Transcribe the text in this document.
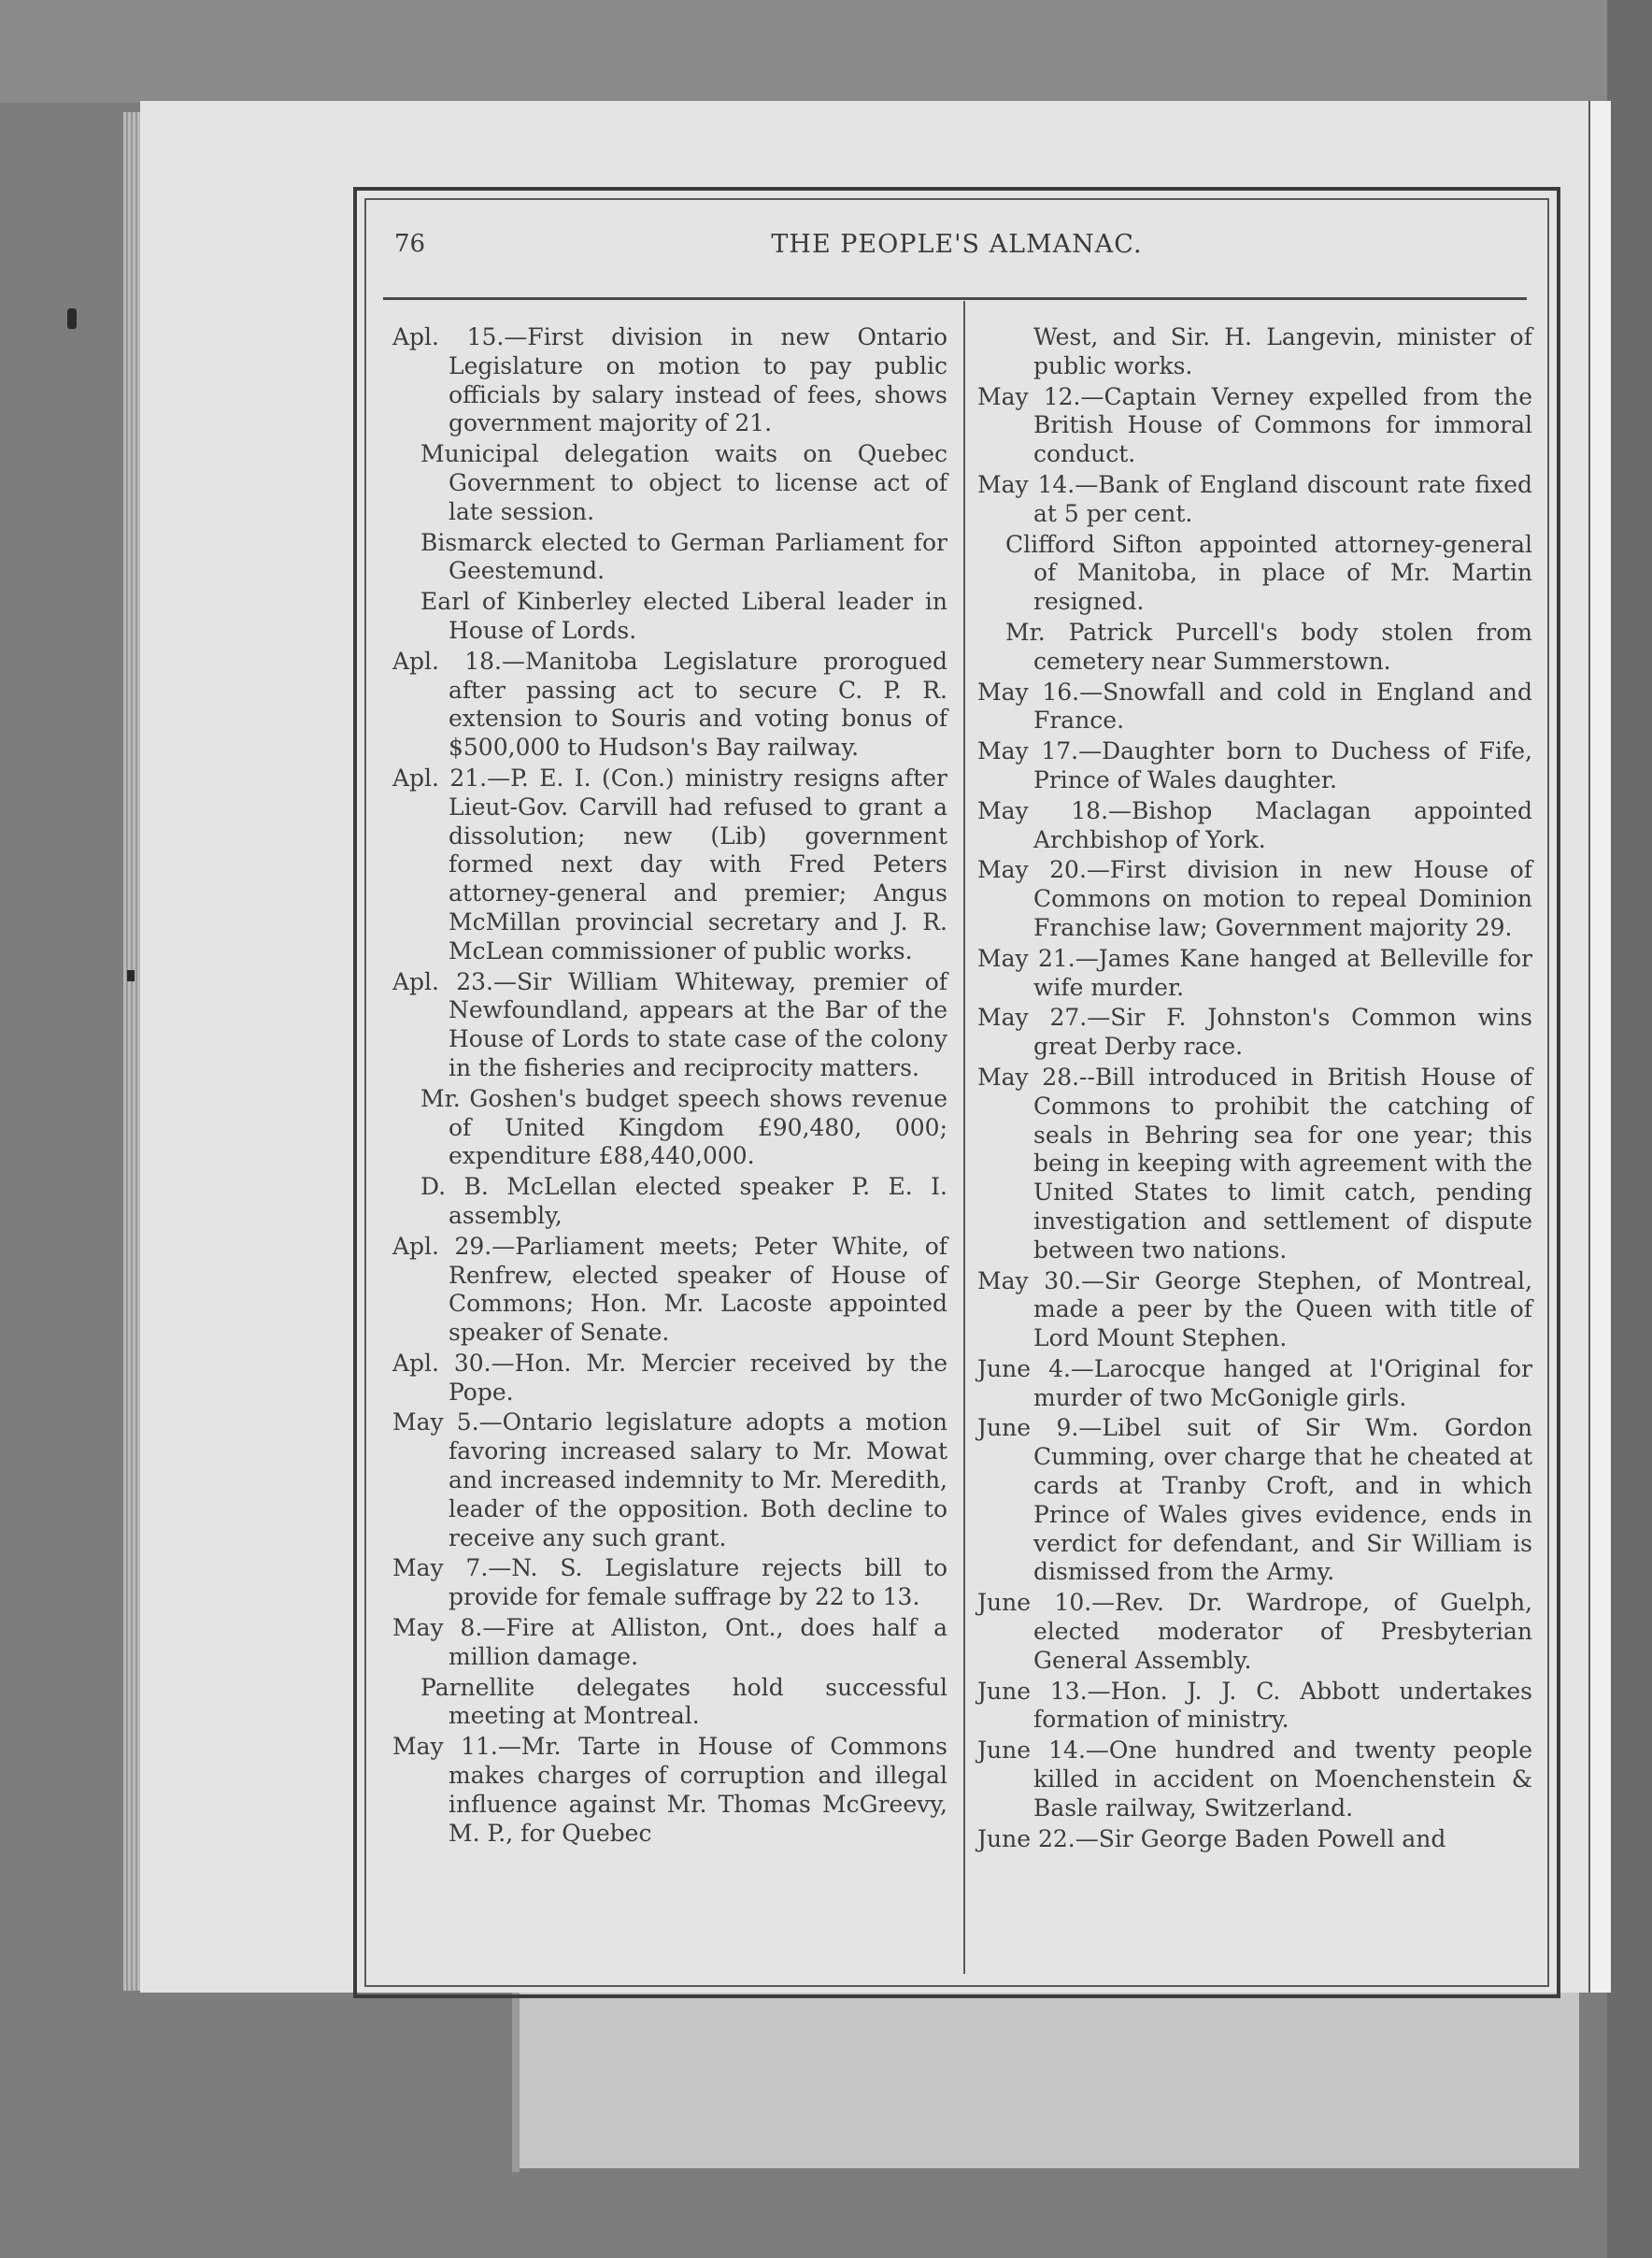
76	THE PEOPLE'S ALMANAC.

Apl. 15.—First division in new Ontario Legislature on motion to pay public officials by salary instead of fees, shows government majority of 21.

Municipal delegation waits on Quebec Government to object to license act of late session.

Bismarck elected to German Parliament for Geestemund.

Earl of Kinberley elected Liberal leader in House of Lords.

Apl. 18.—Manitoba Legislature prorogued after passing act to secure C. P. R. extension to Souris and voting bonus of $500,000 to Hudson's Bay railway.

Apl. 21.—P. E. I. (Con.) ministry resigns after Lieut-Gov. Carvill had refused to grant a dissolution; new (Lib) government formed next day with Fred Peters attorney-general and premier; Angus McMillan provincial secretary and J. R. McLean commissioner of public works.

Apl. 23.—Sir William Whiteway, premier of Newfoundland, appears at the Bar of the House of Lords to state case of the colony in the fisheries and reciprocity matters.

Mr. Goshen's budget speech shows revenue of United Kingdom £90,480, 000; expenditure £88,440,000.

D. B. McLellan elected speaker P. E. I. assembly,

Apl. 29.—Parliament meets; Peter White, of Renfrew, elected speaker of House of Commons; Hon. Mr. Lacoste appointed speaker of Senate.

Apl. 30.—Hon. Mr. Mercier received by the Pope.

May 5.—Ontario legislature adopts a motion favoring increased salary to Mr. Mowat and increased indemnity to Mr. Meredith, leader of the opposition. Both decline to receive any such grant.

May 7.—N. S. Legislature rejects bill to provide for female suffrage by 22 to 13.

May 8.—Fire at Alliston, Ont., does half a million damage.

Parnellite delegates hold successful meeting at Montreal.

May 11.—Mr. Tarte in House of Commons makes charges of corruption and illegal influence against Mr. Thomas McGreevy, M. P., for Quebec

West, and Sir. H. Langevin, minister of public works.

May 12.—Captain Verney expelled from the British House of Commons for immoral conduct.

May 14.—Bank of England discount rate fixed at 5 per cent.

Clifford Sifton appointed attorney-general of Manitoba, in place of Mr. Martin resigned.

Mr. Patrick Purcell's body stolen from cemetery near Summerstown.

May 16.—Snowfall and cold in England and France.

May 17.—Daughter born to Duchess of Fife, Prince of Wales daughter.

May 18.—Bishop Maclagan appointed Archbishop of York.

May 20.—First division in new House of Commons on motion to repeal Dominion Franchise law; Government majority 29.

May 21.—James Kane hanged at Belleville for wife murder.

May 27.—Sir F. Johnston's Common wins great Derby race.

May 28.--Bill introduced in British House of Commons to prohibit the catching of seals in Behring sea for one year; this being in keeping with agreement with the United States to limit catch, pending investigation and settlement of dispute between two nations.

May 30.—Sir George Stephen, of Montreal, made a peer by the Queen with title of Lord Mount Stephen.

June 4.—Larocque hanged at l'Original for murder of two McGonigle girls.

June 9.—Libel suit of Sir Wm. Gordon Cumming, over charge that he cheated at cards at Tranby Croft, and in which Prince of Wales gives evidence, ends in verdict for defendant, and Sir William is dismissed from the Army.

June 10.—Rev. Dr. Wardrope, of Guelph, elected moderator of Presbyterian General Assembly.

June 13.—Hon. J. J. C. Abbott undertakes formation of ministry.

June 14.—One hundred and twenty people killed in accident on Moenchenstein & Basle railway, Switzerland.

June 22.—Sir George Baden Powell and
